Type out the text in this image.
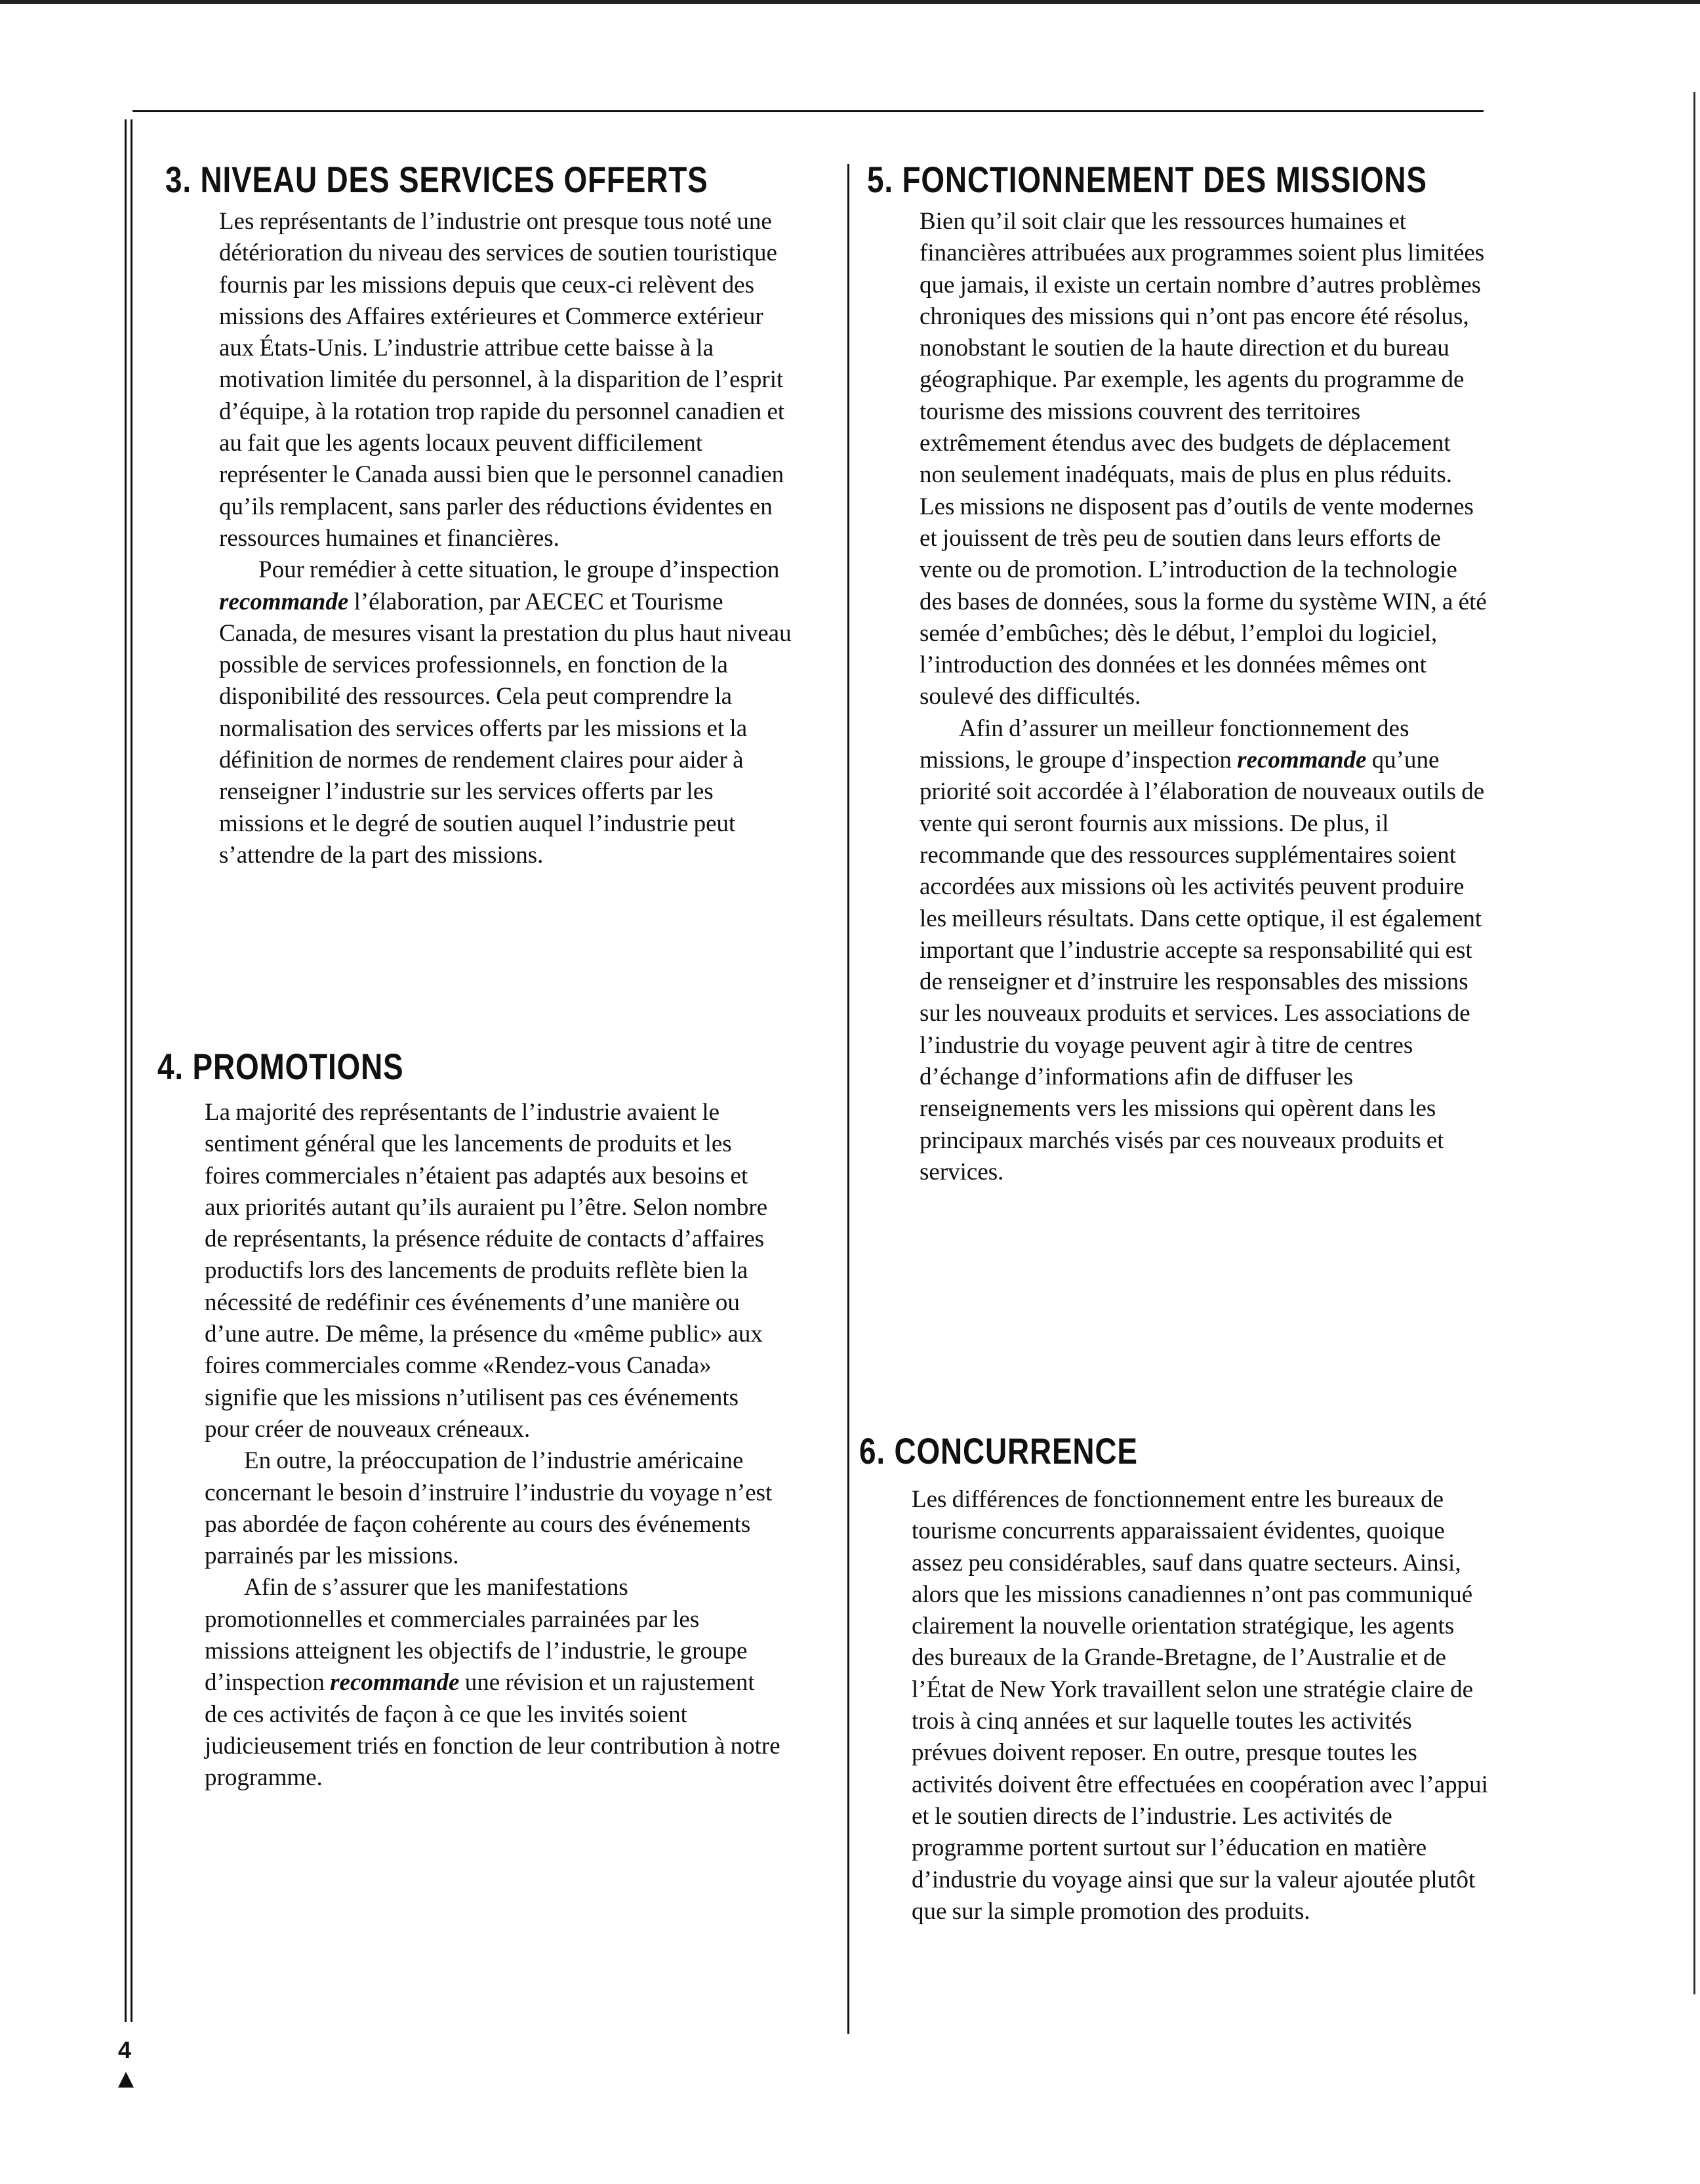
3. NIVEAU DES SERVICES OFFERTS

Les représentants de l’industrie ont presque tous noté une détérioration du niveau des services de soutien touristique fournis par les missions depuis que ceux-ci relèvent des missions des Affaires extérieures et Commerce extérieur aux États-Unis. L’industrie attribue cette baisse à la motivation limitée du personnel, à la disparition de l’esprit d’équipe, à la rotation trop rapide du personnel canadien et au fait que les agents locaux peuvent difficilement représenter le Canada aussi bien que le personnel canadien qu’ils remplacent, sans parler des réductions évidentes en ressources humaines et financières.

Pour remédier à cette situation, le groupe d’inspection recommande l’élaboration, par AECEC et Tourisme Canada, de mesures visant la prestation du plus haut niveau possible de services professionnels, en fonction de la disponibilité des ressources. Cela peut comprendre la normalisation des services offerts par les missions et la définition de normes de rendement claires pour aider à renseigner l’industrie sur les services offerts par les missions et le degré de soutien auquel l’industrie peut s’attendre de la part des missions.

4. PROMOTIONS

La majorité des représentants de l’industrie avaient le sentiment général que les lancements de produits et les foires commerciales n’étaient pas adaptés aux besoins et aux priorités autant qu’ils auraient pu l’être. Selon nombre de représentants, la présence réduite de contacts d’affaires productifs lors des lancements de produits reflète bien la nécessité de redéfinir ces événements d’une manière ou d’une autre. De même, la présence du «même public» aux foires commerciales comme «Rendez-vous Canada» signifie que les missions n’utilisent pas ces événements pour créer de nouveaux créneaux.

En outre, la préoccupation de l’industrie américaine concernant le besoin d’instruire l’industrie du voyage n’est pas abordée de façon cohérente au cours des événements parrainés par les missions.

Afin de s’assurer que les manifestations promotionnelles et commerciales parrainées par les missions atteignent les objectifs de l’industrie, le groupe d’inspection recommande une révision et un rajustement de ces activités de façon à ce que les invités soient judicieusement triés en fonction de leur contribution à notre programme.

5. FONCTIONNEMENT DES MISSIONS

Bien qu’il soit clair que les ressources humaines et financières attribuées aux programmes soient plus limitées que jamais, il existe un certain nombre d’autres problèmes chroniques des missions qui n’ont pas encore été résolus, nonobstant le soutien de la haute direction et du bureau géographique. Par exemple, les agents du programme de tourisme des missions couvrent des territoires extrêmement étendus avec des budgets de déplacement non seulement inadéquats, mais de plus en plus réduits. Les missions ne disposent pas d’outils de vente modernes et jouissent de très peu de soutien dans leurs efforts de vente ou de promotion. L’introduction de la technologie des bases de données, sous la forme du système WIN, a été semée d’embûches; dès le début, l’emploi du logiciel, l’introduction des données et les données mêmes ont soulevé des difficultés.

Afin d’assurer un meilleur fonctionnement des missions, le groupe d’inspection recommande qu’une priorité soit accordée à l’élaboration de nouveaux outils de vente qui seront fournis aux missions. De plus, il recommande que des ressources supplémentaires soient accordées aux missions où les activités peuvent produire les meilleurs résultats. Dans cette optique, il est également important que l’industrie accepte sa responsabilité qui est de renseigner et d’instruire les responsables des missions sur les nouveaux produits et services. Les associations de l’industrie du voyage peuvent agir à titre de centres d’échange d’informations afin de diffuser les renseignements vers les missions qui opèrent dans les principaux marchés visés par ces nouveaux produits et services.

6. CONCURRENCE

Les différences de fonctionnement entre les bureaux de tourisme concurrents apparaissaient évidentes, quoique assez peu considérables, sauf dans quatre secteurs. Ainsi, alors que les missions canadiennes n’ont pas communiqué clairement la nouvelle orientation stratégique, les agents des bureaux de la Grande-Bretagne, de l’Australie et de l’État de New York travaillent selon une stratégie claire de trois à cinq années et sur laquelle toutes les activités prévues doivent reposer. En outre, presque toutes les activités doivent être effectuées en coopération avec l’appui et le soutien directs de l’industrie. Les activités de programme portent surtout sur l’éducation en matière d’industrie du voyage ainsi que sur la valeur ajoutée plutôt que sur la simple promotion des produits.

4
